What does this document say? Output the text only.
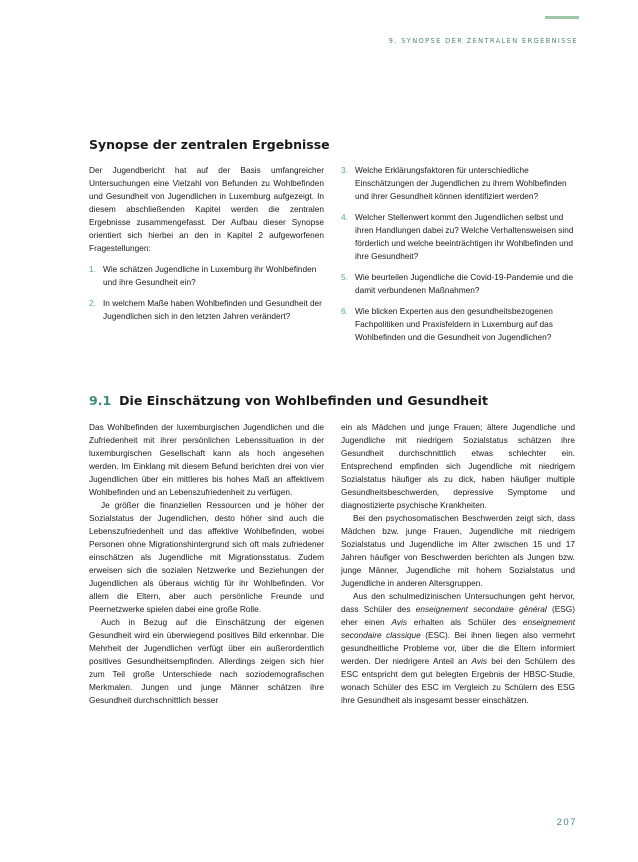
9. SYNOPSE DER ZENTRALEN ERGEBNISSE
Synopse der zentralen Ergebnisse

Der Jugendbericht hat auf der Basis umfangreicher Untersuchungen eine Vielzahl von Befunden zu Wohlbefinden und Gesundheit von Jugendlichen in Luxemburg aufgezeigt. In diesem abschließenden Kapitel werden die zentralen Ergebnisse zusammengefasst. Der Aufbau dieser Synopse orientiert sich hierbei an den in Kapitel 2 aufgeworfenen Fragestellungen:

1. Wie schätzen Jugendliche in Luxemburg ihr Wohlbefinden und ihre Gesundheit ein?
2. In welchem Maße haben Wohlbefinden und Gesundheit der Jugendlichen sich in den letzten Jahren verändert?
3. Welche Erklärungsfaktoren für unterschiedliche Einschätzungen der Jugendlichen zu ihrem Wohlbefinden und ihrer Gesundheit können identifiziert werden?
4. Welcher Stellenwert kommt den Jugendlichen selbst und ihren Handlungen dabei zu? Welche Verhaltensweisen sind förderlich und welche beeinträchtigen ihr Wohlbefinden und ihre Gesundheit?
5. Wie beurteilen Jugendliche die Covid-19-Pandemie und die damit verbundenen Maßnahmen?
6. Wie blicken Experten aus den gesundheitsbezogenen Fachpolitiken und Praxisfeldern in Luxemburg auf das Wohlbefinden und die Gesundheit von Jugendlichen?
9.1 Die Einschätzung von Wohlbefinden und Gesundheit

Das Wohlbefinden der luxemburgischen Jugendlichen und die Zufriedenheit mit ihrer persönlichen Lebenssituation in der luxemburgischen Gesellschaft kann als hoch angesehen werden. Im Einklang mit diesem Befund berichten drei von vier Jugendlichen über ein mittleres bis hohes Maß an affektivem Wohlbefinden und an Lebenszufriedenheit zu verfügen.

Je größer die finanziellen Ressourcen und je höher der Sozialstatus der Jugendlichen, desto höher sind auch die Lebenszufriedenheit und das affektive Wohlbefinden, wobei Personen ohne Migrationshintergrund sich oft mals zufriedener einschätzen als Jugendliche mit Migrationsstatus. Zudem erweisen sich die sozialen Netzwerke und Beziehungen der Jugendlichen als überaus wichtig für ihr Wohlbefinden. Vor allem die Eltern, aber auch persönliche Freunde und Peernetzwerke spielen dabei eine große Rolle.

Auch in Bezug auf die Einschätzung der eigenen Gesundheit wird ein überwiegend positives Bild erkennbar. Die Mehrheit der Jugendlichen verfügt über ein außerordentlich positives Gesundheitsempfinden. Allerdings zeigen sich hier zum Teil große Unterschiede nach soziodemografischen Merkmalen. Jungen und junge Männer schätzen ihre Gesundheit durchschnittlich besser

ein als Mädchen und junge Frauen; ältere Jugendliche und Jugendliche mit niedrigem Sozialstatus schätzen ihre Gesundheit durchschnittlich etwas schlechter ein. Entsprechend empfinden sich Jugendliche mit niedrigem Sozialstatus häufiger als zu dick, haben häufiger multiple Gesundheitsbeschwerden, depressive Symptome und diagnostizierte psychische Krankheiten.

Bei den psychosomatischen Beschwerden zeigt sich, dass Mädchen bzw. junge Frauen, Jugendliche mit niedrigem Sozialstatus und Jugendliche im Alter zwischen 15 und 17 Jahren häufiger von Beschwerden berichten als Jungen bzw. junge Männer, Jugendliche mit hohem Sozialstatus und Jugendliche in anderen Altersgruppen.

Aus den schulmedizinischen Untersuchungen geht hervor, dass Schüler des enseignement secondaire général (ESG) eher einen Avis erhalten als Schüler des enseignement secondaire classique (ESC). Bei ihnen liegen also vermehrt gesundheitliche Probleme vor, über die die Eltern informiert werden. Der niedrigere Anteil an Avis bei den Schülern des ESC entspricht dem gut belegten Ergebnis der HBSC-Studie, wonach Schüler des ESC im Vergleich zu Schülern des ESG ihre Gesundheit als insgesamt besser einschätzen.

207
